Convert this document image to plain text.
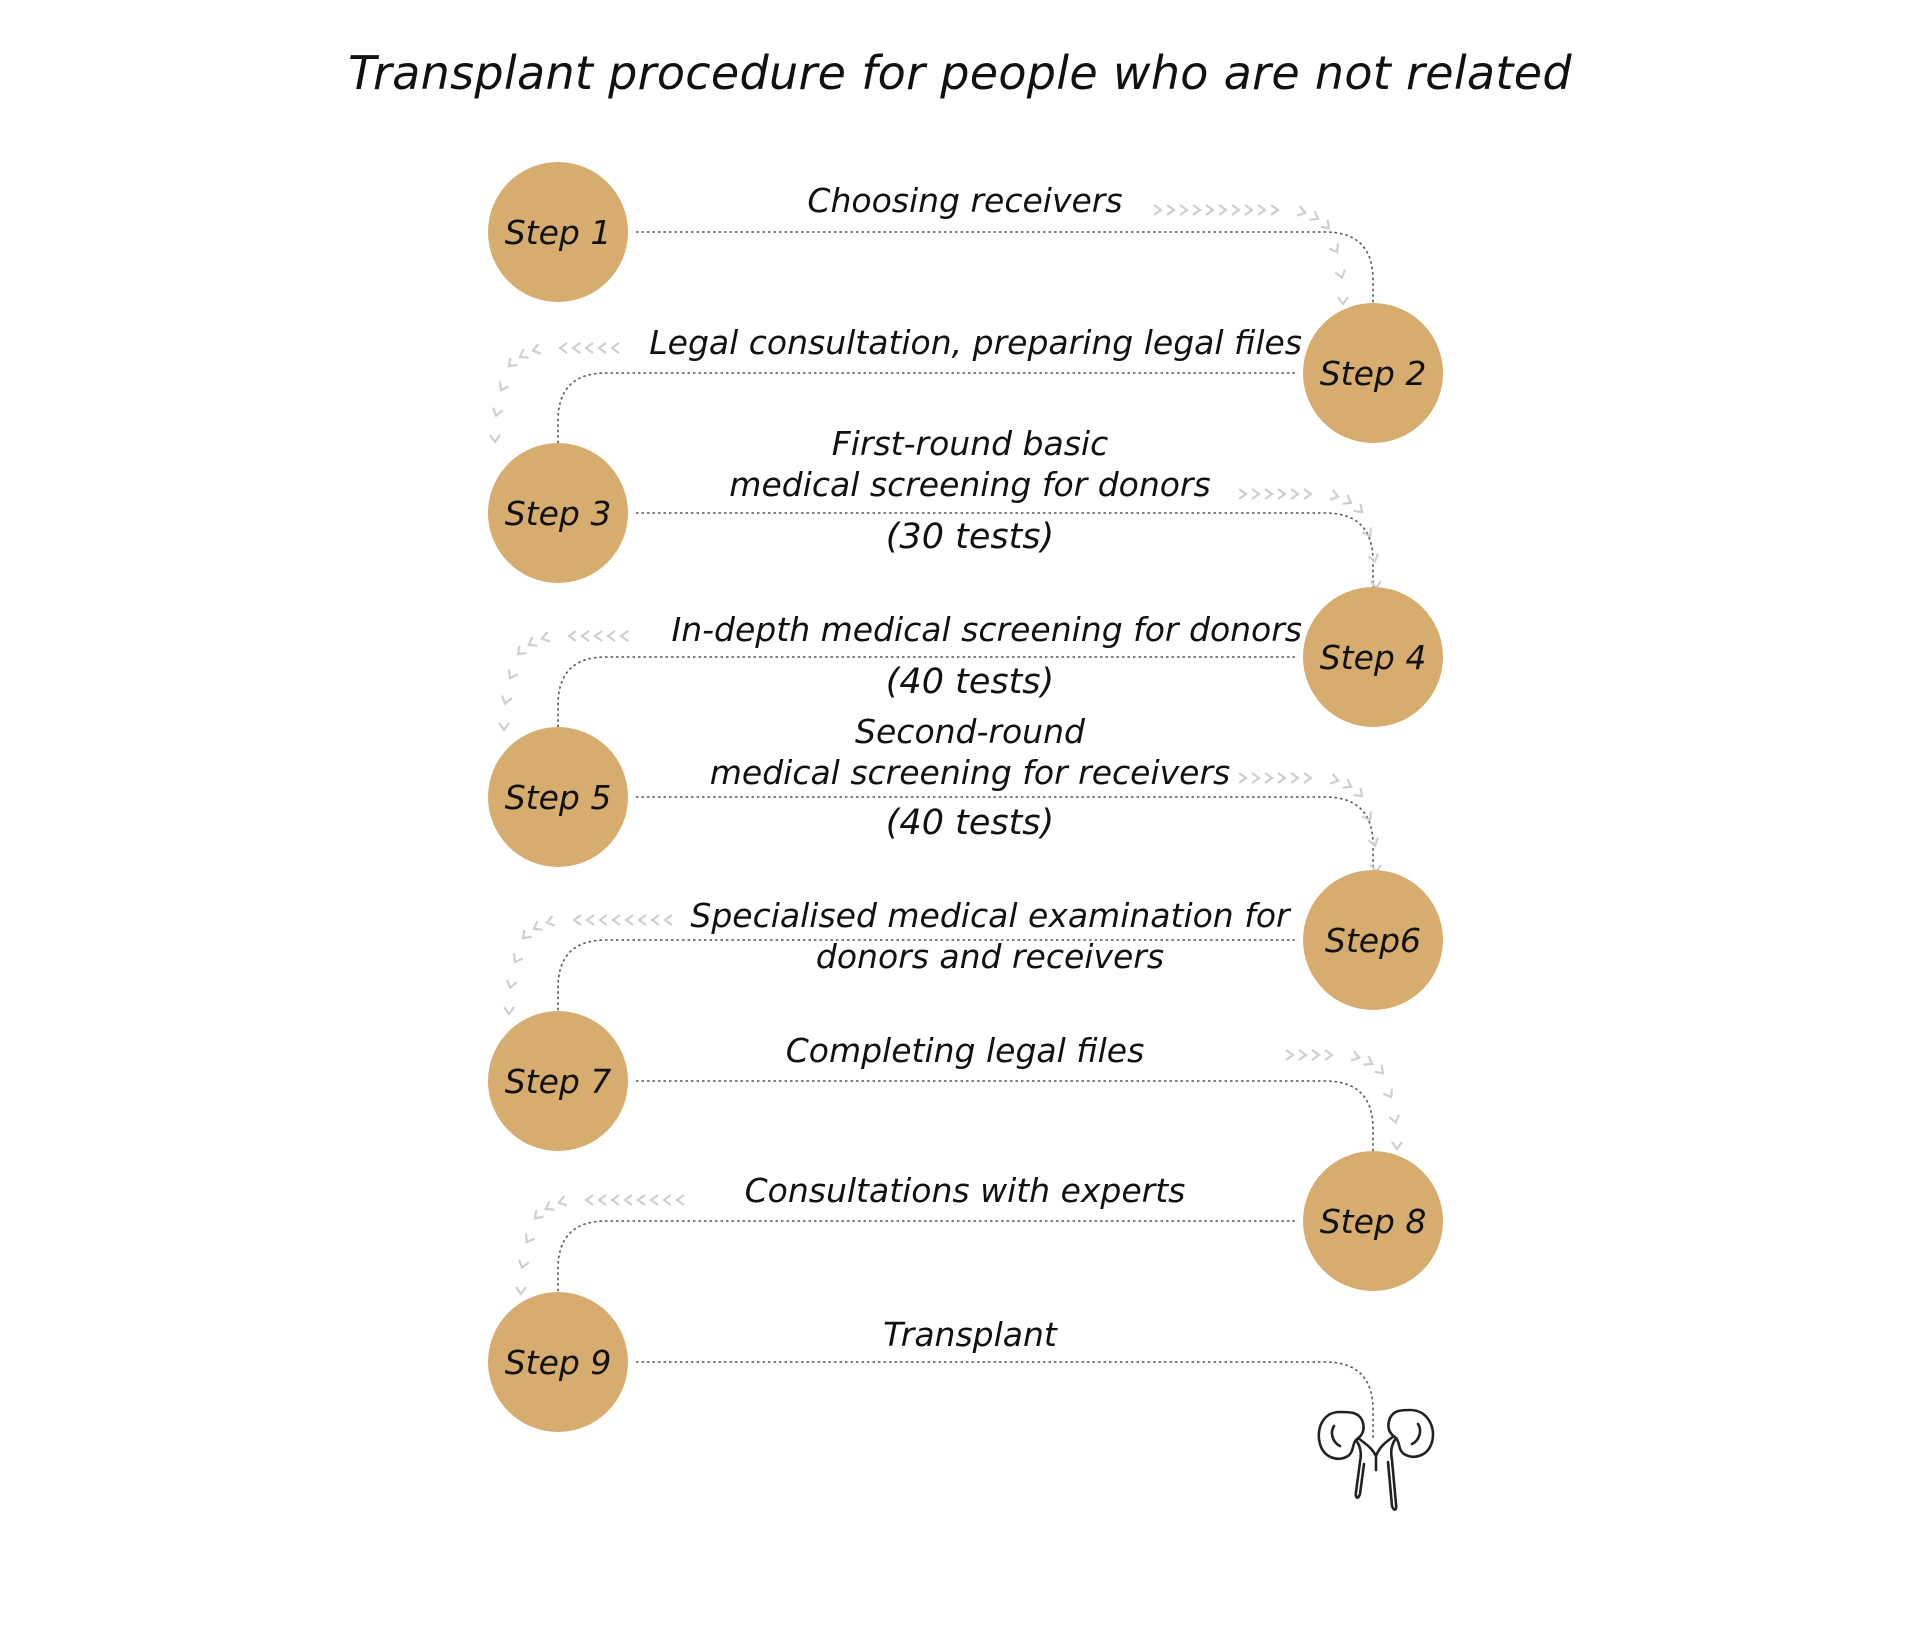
Transplant procedure for people who are not related
Step 1
Step 2
Step 3
Step 4
Step 5
Step6
Step 7
Step 8
Step 9
Choosing receivers
Legal consultation, preparing legal files
First-round basic
medical screening for donors
(30 tests)
In-depth medical screening for donors
(40 tests)
Second-round
medical screening for receivers
(40 tests)
Specialised medical examination for
donors and receivers
Completing legal files
Consultations with experts
Transplant
